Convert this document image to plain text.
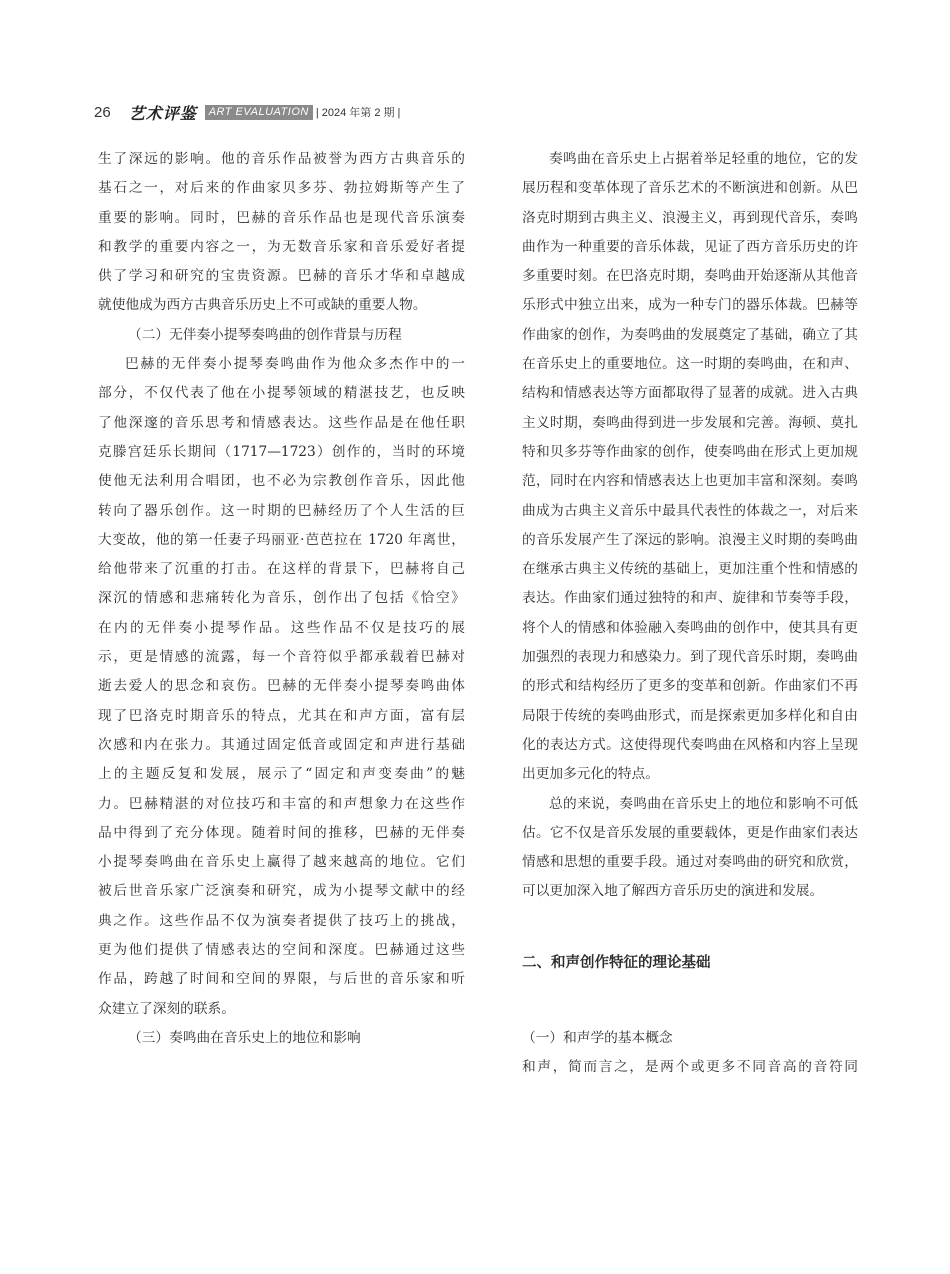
26 艺术评鉴	ART EVALUATION | 2024 年第 2 期 |
生了深远的影响。他的音乐作品被誉为西方古典音乐的
基石之一，对后来的作曲家贝多芬、勃拉姆斯等产生了
重要的影响。同时，巴赫的音乐作品也是现代音乐演奏
和教学的重要内容之一，为无数音乐家和音乐爱好者提
供了学习和研究的宝贵资源。巴赫的音乐才华和卓越成
就使他成为西方古典音乐历史上不可或缺的重要人物。

（二）无伴奏小提琴奏鸣曲的创作背景与历程

巴赫的无伴奏小提琴奏鸣曲作为他众多杰作中的一
部分，不仅代表了他在小提琴领域的精湛技艺，也反映
了他深邃的音乐思考和情感表达。这些作品是在他任职
克滕宫廷乐长期间（1717—1723）创作的，当时的环境
使他无法利用合唱团，也不必为宗教创作音乐，因此他
转向了器乐创作。这一时期的巴赫经历了个人生活的巨
大变故，他的第一任妻子玛丽亚·芭芭拉在 1720 年离世，
给他带来了沉重的打击。在这样的背景下，巴赫将自己
深沉的情感和悲痛转化为音乐，创作出了包括《恰空》
在内的无伴奏小提琴作品。这些作品不仅是技巧的展
示，更是情感的流露，每一个音符似乎都承载着巴赫对
逝去爱人的思念和哀伤。巴赫的无伴奏小提琴奏鸣曲体
现了巴洛克时期音乐的特点，尤其在和声方面，富有层
次感和内在张力。其通过固定低音或固定和声进行基础
上的主题反复和发展，展示了“固定和声变奏曲”的魅
力。巴赫精湛的对位技巧和丰富的和声想象力在这些作
品中得到了充分体现。随着时间的推移，巴赫的无伴奏
小提琴奏鸣曲在音乐史上赢得了越来越高的地位。它们
被后世音乐家广泛演奏和研究，成为小提琴文献中的经
典之作。这些作品不仅为演奏者提供了技巧上的挑战，
更为他们提供了情感表达的空间和深度。巴赫通过这些
作品，跨越了时间和空间的界限，与后世的音乐家和听
众建立了深刻的联系。

（三）奏鸣曲在音乐史上的地位和影响

奏鸣曲在音乐史上占据着举足轻重的地位，它的发
展历程和变革体现了音乐艺术的不断演进和创新。从巴
洛克时期到古典主义、浪漫主义，再到现代音乐，奏鸣
曲作为一种重要的音乐体裁，见证了西方音乐历史的许
多重要时刻。在巴洛克时期，奏鸣曲开始逐渐从其他音
乐形式中独立出来，成为一种专门的器乐体裁。巴赫等
作曲家的创作，为奏鸣曲的发展奠定了基础，确立了其
在音乐史上的重要地位。这一时期的奏鸣曲，在和声、
结构和情感表达等方面都取得了显著的成就。进入古典
主义时期，奏鸣曲得到进一步发展和完善。海顿、莫扎
特和贝多芬等作曲家的创作，使奏鸣曲在形式上更加规
范，同时在内容和情感表达上也更加丰富和深刻。奏鸣
曲成为古典主义音乐中最具代表性的体裁之一，对后来
的音乐发展产生了深远的影响。浪漫主义时期的奏鸣曲
在继承古典主义传统的基础上，更加注重个性和情感的
表达。作曲家们通过独特的和声、旋律和节奏等手段，
将个人的情感和体验融入奏鸣曲的创作中，使其具有更
加强烈的表现力和感染力。到了现代音乐时期，奏鸣曲
的形式和结构经历了更多的变革和创新。作曲家们不再
局限于传统的奏鸣曲形式，而是探索更加多样化和自由
化的表达方式。这使得现代奏鸣曲在风格和内容上呈现
出更加多元化的特点。
总的来说，奏鸣曲在音乐史上的地位和影响不可低
估。它不仅是音乐发展的重要载体，更是作曲家们表达
情感和思想的重要手段。通过对奏鸣曲的研究和欣赏，
可以更加深入地了解西方音乐历史的演进和发展。

二、和声创作特征的理论基础

（一）和声学的基本概念

和声，简而言之，是两个或更多不同音高的音符同
